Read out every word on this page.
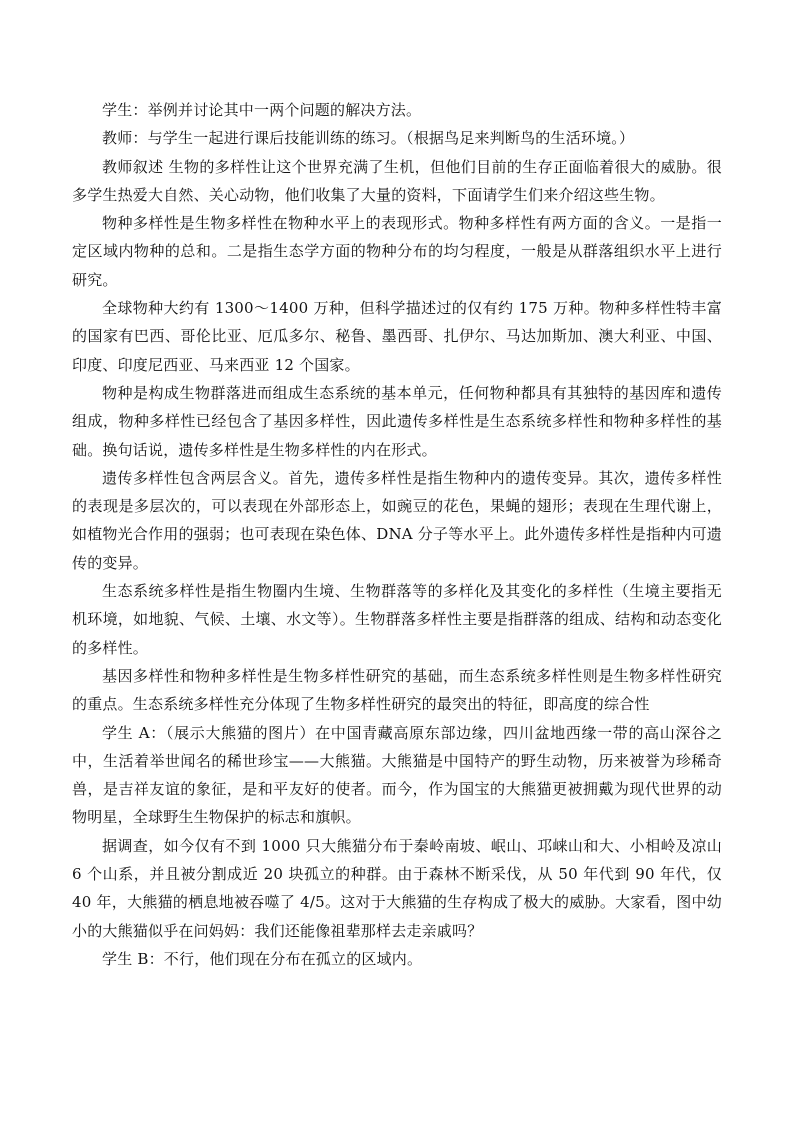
学生：举例并讨论其中一两个问题的解决方法。

教师：与学生一起进行课后技能训练的练习。（根据鸟足来判断鸟的生活环境。）

教师叙述 生物的多样性让这个世界充满了生机，但他们目前的生存正面临着很大的威胁。很多学生热爱大自然、关心动物，他们收集了大量的资料，下面请学生们来介绍这些生物。

物种多样性是生物多样性在物种水平上的表现形式。物种多样性有两方面的含义。一是指一定区域内物种的总和。二是指生态学方面的物种分布的均匀程度，一般是从群落组织水平上进行研究。

全球物种大约有 1300～1400 万种，但科学描述过的仅有约 175 万种。物种多样性特丰富的国家有巴西、哥伦比亚、厄瓜多尔、秘鲁、墨西哥、扎伊尔、马达加斯加、澳大利亚、中国、印度、印度尼西亚、马来西亚 12 个国家。

物种是构成生物群落进而组成生态系统的基本单元，任何物种都具有其独特的基因库和遗传组成，物种多样性已经包含了基因多样性，因此遗传多样性是生态系统多样性和物种多样性的基础。换句话说，遗传多样性是生物多样性的内在形式。

遗传多样性包含两层含义。首先，遗传多样性是指生物种内的遗传变异。其次，遗传多样性的表现是多层次的，可以表现在外部形态上，如豌豆的花色，果蝇的翅形；表现在生理代谢上，如植物光合作用的强弱；也可表现在染色体、DNA 分子等水平上。此外遗传多样性是指种内可遗传的变异。

生态系统多样性是指生物圈内生境、生物群落等的多样化及其变化的多样性（生境主要指无机环境，如地貌、气候、土壤、水文等）。生物群落多样性主要是指群落的组成、结构和动态变化的多样性。

基因多样性和物种多样性是生物多样性研究的基础，而生态系统多样性则是生物多样性研究的重点。生态系统多样性充分体现了生物多样性研究的最突出的特征，即高度的综合性

学生 A：（展示大熊猫的图片）在中国青藏高原东部边缘，四川盆地西缘一带的高山深谷之中，生活着举世闻名的稀世珍宝——大熊猫。大熊猫是中国特产的野生动物，历来被誉为珍稀奇兽，是吉祥友谊的象征，是和平友好的使者。而今，作为国宝的大熊猫更被拥戴为现代世界的动物明星，全球野生生物保护的标志和旗帜。

据调查，如今仅有不到 1000 只大熊猫分布于秦岭南坡、岷山、邛崃山和大、小相岭及凉山 6 个山系，并且被分割成近 20 块孤立的种群。由于森林不断采伐，从 50 年代到 90 年代，仅 40 年，大熊猫的栖息地被吞噬了 4/5。这对于大熊猫的生存构成了极大的威胁。大家看，图中幼小的大熊猫似乎在问妈妈：我们还能像祖辈那样去走亲戚吗？

学生 B：不行，他们现在分布在孤立的区域内。
